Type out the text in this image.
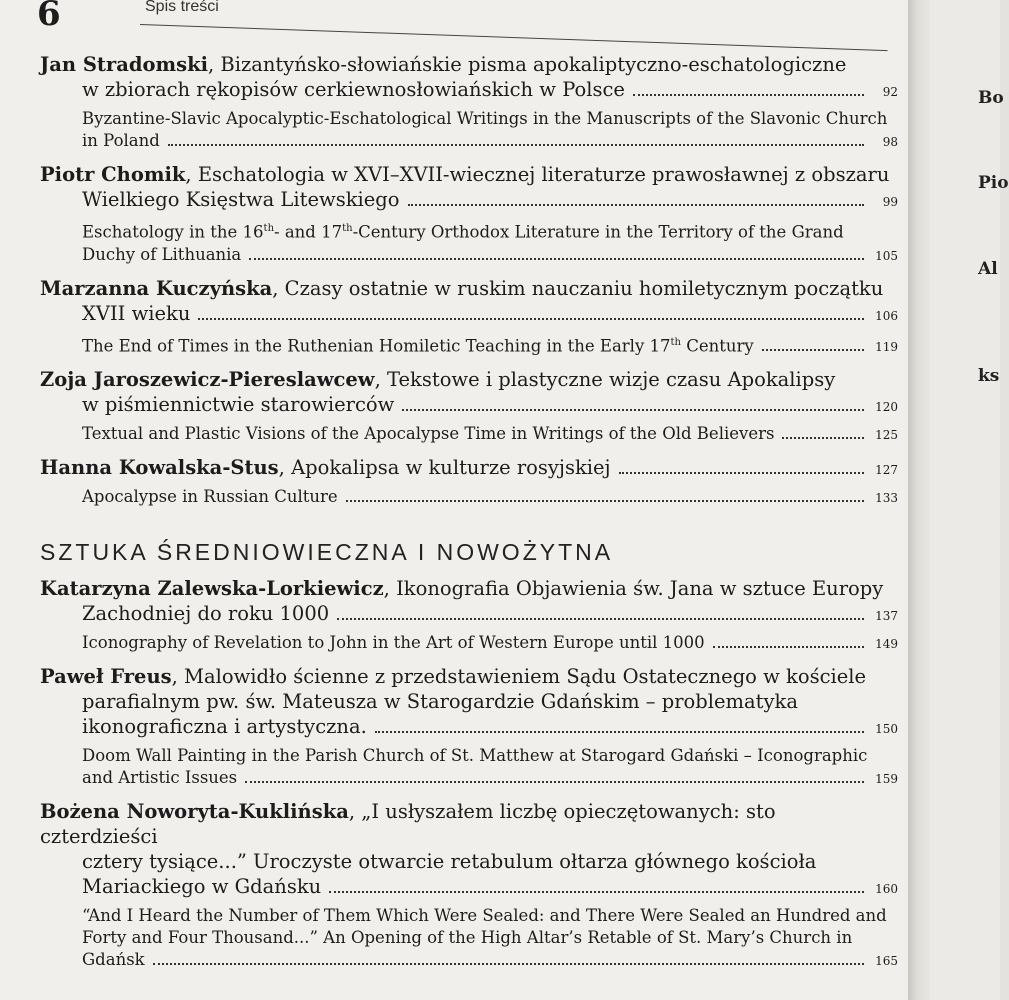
6	Spis treści
Jan Stradomski, Bizantyńsko-słowiańskie pisma apokaliptyczno-eschatologiczne
w zbiorach rękopisów cerkiewnosłowiańskich w Polsce	92
Byzantine-Slavic Apocalyptic-Eschatological Writings in the Manuscripts of the Slavonic Church
in Poland	98
Piotr Chomik, Eschatologia w XVI–XVII-wiecznej literaturze prawosławnej z obszaru
Wielkiego Księstwa Litewskiego	99
Eschatology in the 16th- and 17th-Century Orthodox Literature in the Territory of the Grand
Duchy of Lithuania	105
Marzanna Kuczyńska, Czasy ostatnie w ruskim nauczaniu homiletycznym początku
XVII wieku	106
The End of Times in the Ruthenian Homiletic Teaching in the Early 17th Century	119
Zoja Jaroszewicz-Piereslawcew, Tekstowe i plastyczne wizje czasu Apokalipsy
w piśmiennictwie starowierców	120
Textual and Plastic Visions of the Apocalypse Time in Writings of the Old Believers	125
Hanna Kowalska-Stus, Apokalipsa w kulturze rosyjskiej	127
Apocalypse in Russian Culture	133
SZTUKA ŚREDNIOWIECZNA I NOWOŻYTNA
Katarzyna Zalewska-Lorkiewicz, Ikonografia Objawienia św. Jana w sztuce Europy
Zachodniej do roku 1000	137
Iconography of Revelation to John in the Art of Western Europe until 1000	149
Paweł Freus, Malowidło ścienne z przedstawieniem Sądu Ostatecznego w kościele
parafialnym pw. św. Mateusza w Starogardzie Gdańskim – problematyka
ikonograficzna i artystyczna.	150
Doom Wall Painting in the Parish Church of St. Matthew at Starogard Gdański – Iconographic
and Artistic Issues	159
Bożena Noworyta-Kuklińska, „I usłyszałem liczbę opieczętowanych: sto czterdzieści
cztery tysiące...” Uroczyste otwarcie retabulum ołtarza głównego kościoła
Mariackiego w Gdańsku	160
“And I Heard the Number of Them Which Were Sealed: and There Were Sealed an Hundred and
Forty and Four Thousand...” An Opening of the High Altar’s Retable of St. Mary’s Church in
Gdańsk	165
Bo
Pio
Al
ks
